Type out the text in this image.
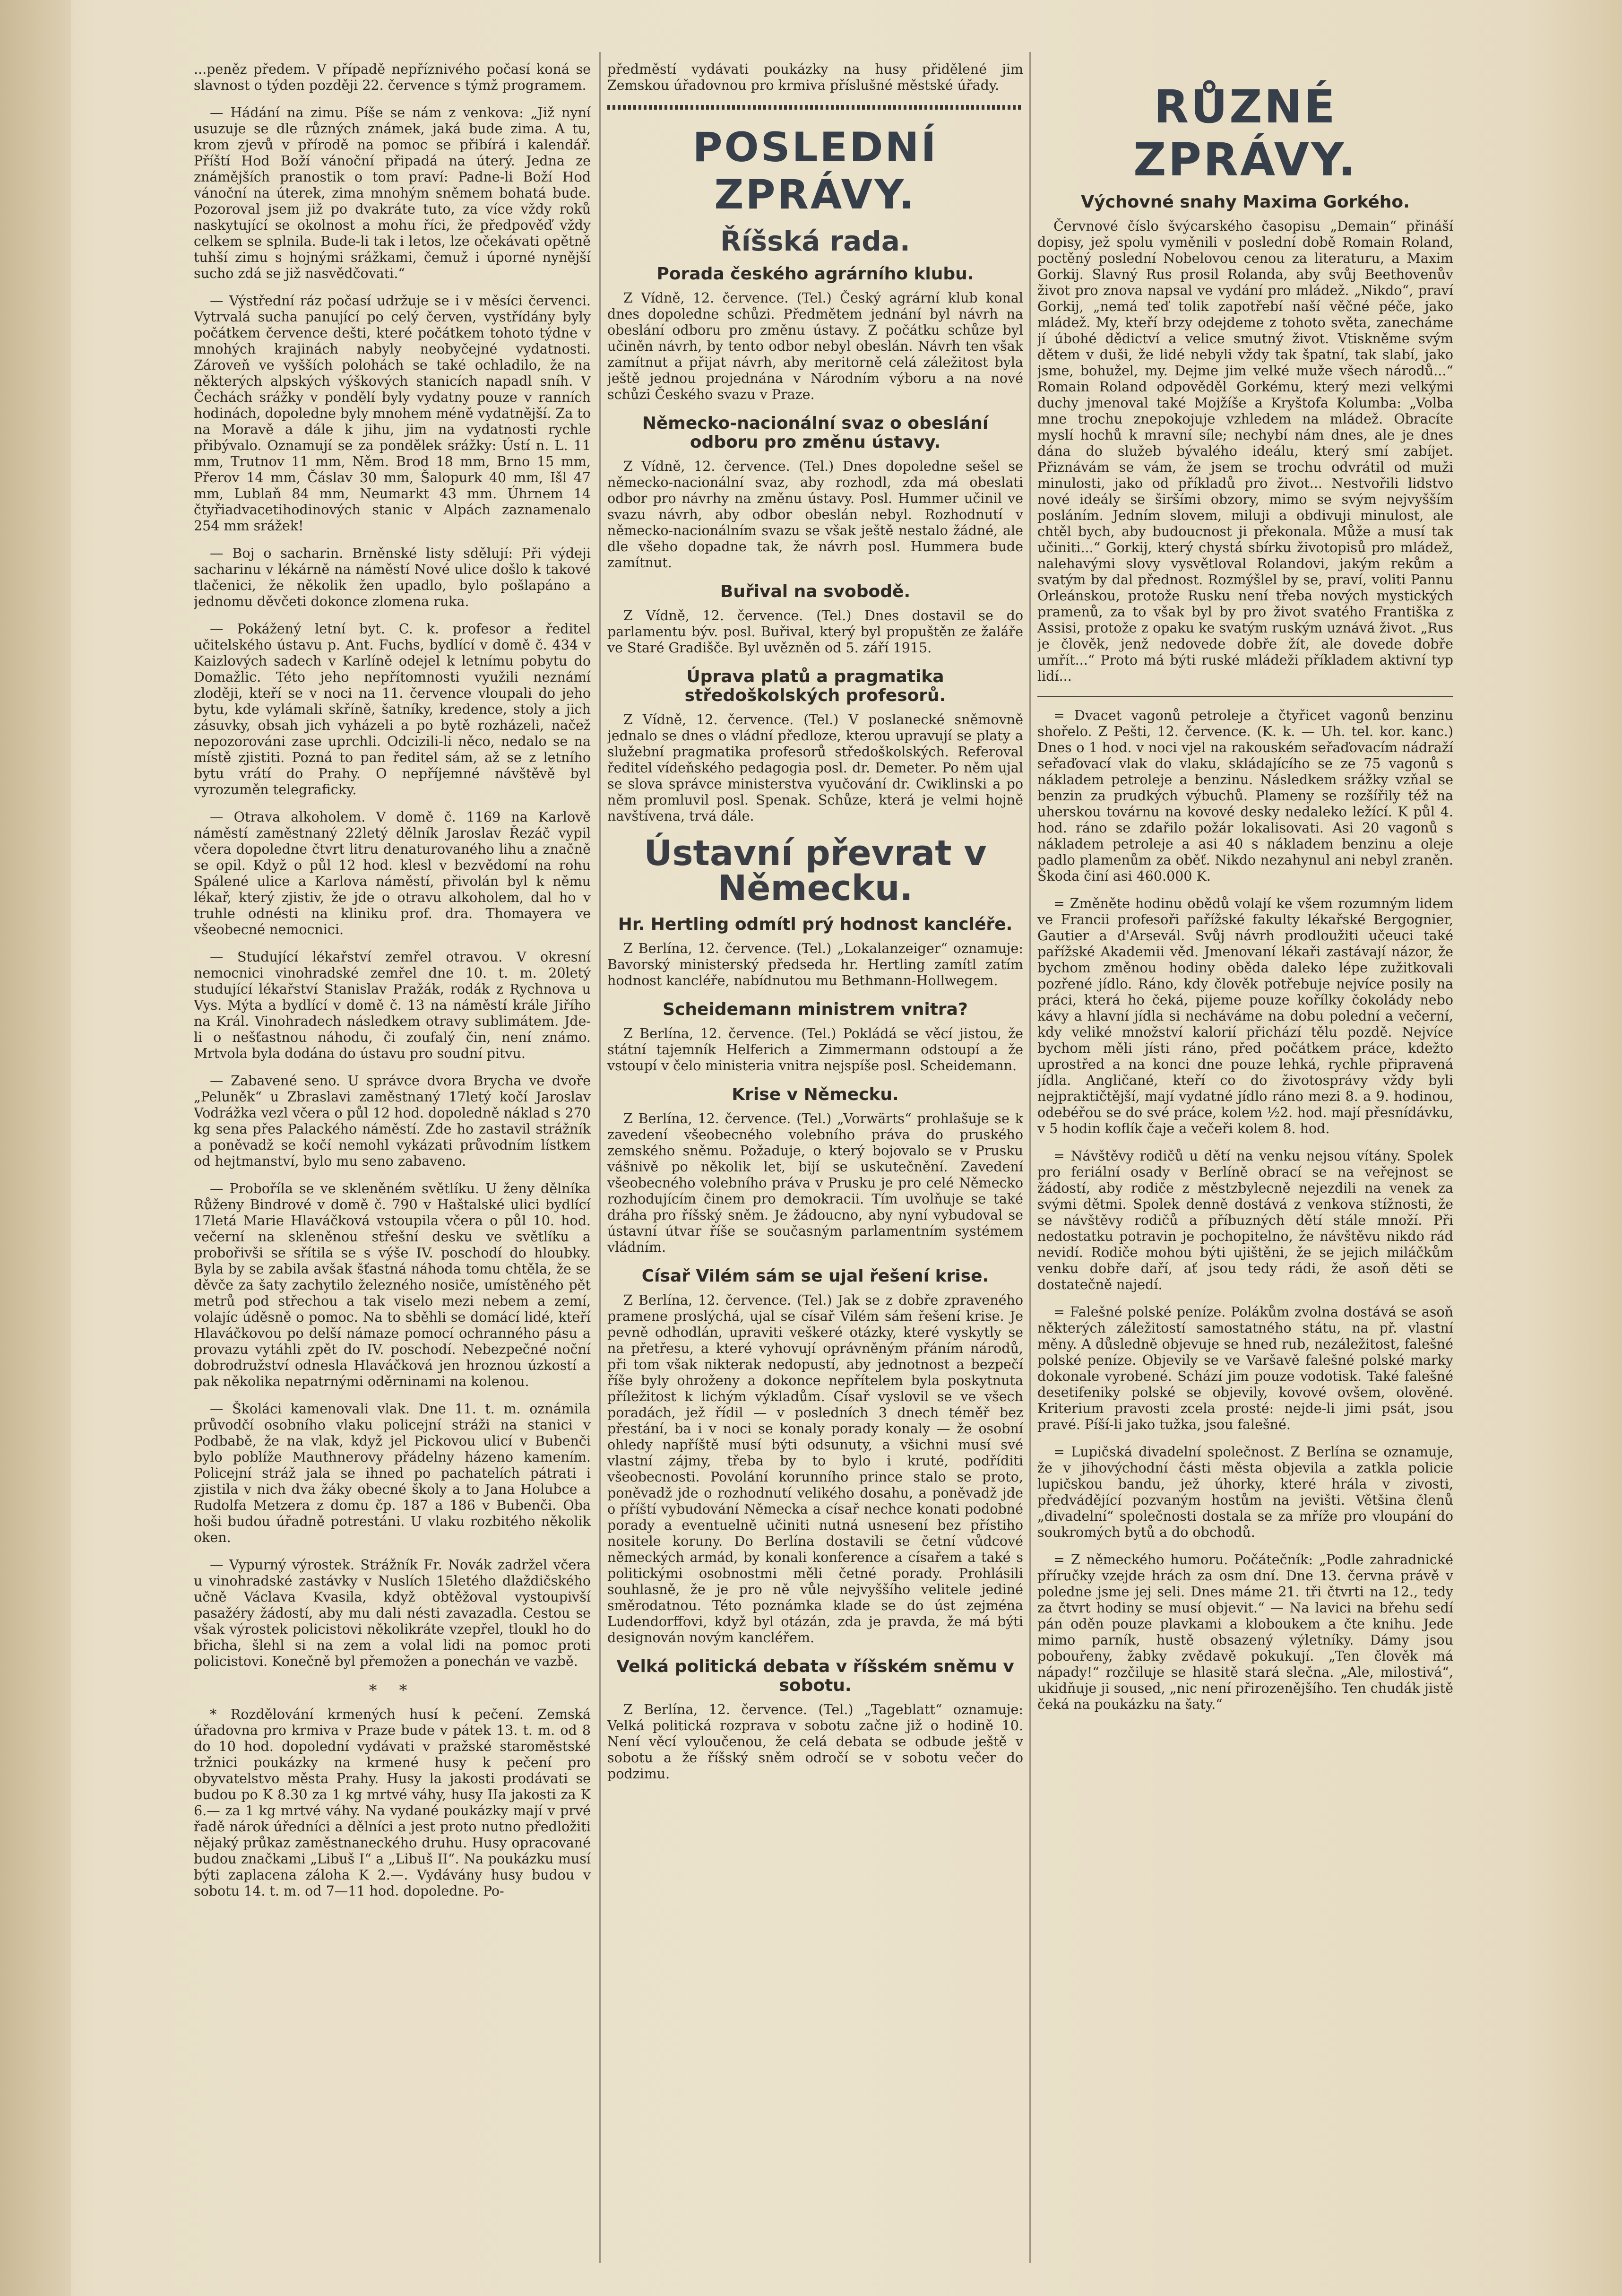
...peněz předem. V případě nepříznivého počasí koná se slavnost o týden později 22. července s týmž programem.

— Hádání na zimu. Píše se nám z venkova: „Již nyní usuzuje se dle různých známek, jaká bude zima. A tu, krom zjevů v přírodě na pomoc se přibírá i kalendář. Příští Hod Boží vánoční připadá na úterý. Jedna ze známějších pranostik o tom praví: Padne-li Boží Hod vánoční na úterek, zima mnohým sněmem bohatá bude. Pozoroval jsem již po dvakráte tuto, za více vždy roků naskytující se okolnost a mohu říci, že předpověď vždy celkem se splnila. Bude-li tak i letos, lze očekávati opětně tuhší zimu s hojnými srážkami, čemuž i úporné nynější sucho zdá se již nasvědčovati.“

— Výstřední ráz počasí udržuje se i v měsíci červenci. Vytrvalá sucha panující po celý červen, vystřídány byly počátkem července dešti, které počátkem tohoto týdne v mnohých krajinách nabyly neobyčejné vydatnosti. Zároveň ve vyšších polohách se také ochladilo, že na některých alpských výškových stanicích napadl sníh. V Čechách srážky v pondělí byly vydatny pouze v ranních hodinách, dopoledne byly mnohem méně vydatnější. Za to na Moravě a dále k jihu, jim na vydatnosti rychle přibývalo. Oznamují se za pondělek srážky: Ústí n. L. 11 mm, Trutnov 11 mm, Něm. Brod 18 mm, Brno 15 mm, Přerov 14 mm, Čáslav 30 mm, Šalopurk 40 mm, Išl 47 mm, Lublaň 84 mm, Neumarkt 43 mm. Úhrnem 14 čtyřiadvacetihodinových stanic v Alpách zaznamenalo 254 mm srážek!

— Boj o sacharin. Brněnské listy sdělují: Při výdeji sacharinu v lékárně na náměstí Nové ulice došlo k takové tlačenici, že několik žen upadlo, bylo pošlapáno a jednomu děvčeti dokonce zlomena ruka.

— Pokážený letní byt. C. k. profesor a ředitel učitelského ústavu p. Ant. Fuchs, bydlící v domě č. 434 v Kaizlových sadech v Karlíně odejel k letnímu pobytu do Domažlic. Této jeho nepřítomnosti využili neznámí zloději, kteří se v noci na 11. července vloupali do jeho bytu, kde vylámali skříně, šatníky, kredence, stoly a jich zásuvky, obsah jich vyházeli a po bytě rozházeli, načež nepozorováni zase uprchli. Odcizili-li něco, nedalo se na místě zjistiti. Pozná to pan ředitel sám, až se z letního bytu vrátí do Prahy. O nepříjemné návštěvě byl vyrozuměn telegraficky.

— Otrava alkoholem. V domě č. 1169 na Karlově náměstí zaměstnaný 22letý dělník Jaroslav Řezáč vypil včera dopoledne čtvrt litru denaturovaného lihu a značně se opil. Když o půl 12 hod. klesl v bezvědomí na rohu Spálené ulice a Karlova náměstí, přivolán byl k němu lékař, který zjistiv, že jde o otravu alkoholem, dal ho v truhle odnésti na kliniku prof. dra. Thomayera ve všeobecné nemocnici.

— Studující lékařství zemřel otravou. V okresní nemocnici vinohradské zemřel dne 10. t. m. 20letý studující lékařství Stanislav Pražák, rodák z Rychnova u Vys. Mýta a bydlící v domě č. 13 na náměstí krále Jiřího na Král. Vinohradech následkem otravy sublimátem. Jde-li o nešťastnou náhodu, či zoufalý čin, není známo. Mrtvola byla dodána do ústavu pro soudní pitvu.

— Zabavené seno. U správce dvora Brycha ve dvoře „Peluněk“ u Zbraslavi zaměstnaný 17letý kočí Jaroslav Vodrážka vezl včera o půl 12 hod. dopoledně náklad s 270 kg sena přes Palackého náměstí. Zde ho zastavil strážník a poněvadž se kočí nemohl vykázati průvodním lístkem od hejtmanství, bylo mu seno zabaveno.

— Proboříla se ve skleněném světlíku. U ženy dělníka Růženy Bindrové v domě č. 790 v Haštalské ulici bydlící 17letá Marie Hlaváčková vstoupila včera o půl 10. hod. večerní na skleněnou střešní desku ve světlíku a probořivši se sřítila se s výše IV. poschodí do hloubky. Byla by se zabila avšak šťastná náhoda tomu chtěla, že se děvče za šaty zachytilo železného nosiče, umístěného pět metrů pod střechou a tak viselo mezi nebem a zemí, volajíc úděsně o pomoc. Na to sběhli se domácí lidé, kteří Hlaváčkovou po delší námaze pomocí ochranného pásu a provazu vytáhli zpět do IV. poschodí. Nebezpečné noční dobrodružství odnesla Hlaváčková jen hroznou úzkostí a pak několika nepatrnými oděrninami na kolenou.

— Školáci kamenovali vlak. Dne 11. t. m. oznámila průvodčí osobního vlaku policejní stráži na stanici v Podbabě, že na vlak, když jel Pickovou ulicí v Bubenči bylo poblíže Mauthnerovy přádelny házeno kamením. Policejní stráž jala se ihned po pachatelích pátrati i zjistila v nich dva žáky obecné školy a to Jana Holubce a Rudolfa Metzera z domu čp. 187 a 186 v Bubenči. Oba hoši budou úřadně potrestáni. U vlaku rozbitého několik oken.

— Vypurný výrostek. Strážník Fr. Novák zadržel včera u vinohradské zastávky v Nuslích 15letého dlaždičského učně Václava Kvasila, když obtěžoval vystoupivší pasažéry žádostí, aby mu dali nésti zavazadla. Cestou se však výrostek policistovi několikráte vzepřel, tloukl ho do břicha, šlehl si na zem a volal lidi na pomoc proti policistovi. Konečně byl přemožen a ponechán ve vazbě.

* *

* Rozdělování krmených husí k pečení. Zemská úřadovna pro krmiva v Praze bude v pátek 13. t. m. od 8 do 10 hod. dopolední vydávati v pražské staroměstské tržnici poukázky na krmené husy k pečení pro obyvatelstvo města Prahy. Husy la jakosti prodávati se budou po K 8.30 za 1 kg mrtvé váhy, husy IIa jakosti za K 6.— za 1 kg mrtvé váhy. Na vydané poukázky mají v prvé řadě nárok úředníci a dělníci a jest proto nutno předložiti nějaký průkaz zaměstnaneckého druhu. Husy opracované budou značkami „Libuš I“ a „Libuš II“. Na poukázku musí býti zaplacena záloha K 2.—. Vydávány husy budou v sobotu 14. t. m. od 7—11 hod. dopoledne. Po-

předměstí vydávati poukázky na husy přidělené jim Zemskou úřadovnou pro krmiva příslušné městské úřady.

POSLEDNÍ ZPRÁVY.
Říšská rada.
Porada českého agrárního klubu.

Z Vídně, 12. července. (Tel.) Český agrární klub konal dnes dopoledne schůzi. Předmětem jednání byl návrh na obeslání odboru pro změnu ústavy. Z počátku schůze byl učiněn návrh, by tento odbor nebyl obeslán. Návrh ten však zamítnut a přijat návrh, aby meritorně celá záležitost byla ještě jednou projednána v Národním výboru a na nové schůzi Českého svazu v Praze.

Německo-nacionální svaz o obeslání odboru pro změnu ústavy.

Z Vídně, 12. července. (Tel.) Dnes dopoledne sešel se německo-nacionální svaz, aby rozhodl, zda má obeslati odbor pro návrhy na změnu ústavy. Posl. Hummer učinil ve svazu návrh, aby odbor obeslán nebyl. Rozhodnutí v německo-nacionálním svazu se však ještě nestalo žádné, ale dle všeho dopadne tak, že návrh posl. Hummera bude zamítnut.

Buřival na svobodě.

Z Vídně, 12. července. (Tel.) Dnes dostavil se do parlamentu býv. posl. Buřival, který byl propuštěn ze žaláře ve Staré Gradišče. Byl uvězněn od 5. září 1915.

Úprava platů a pragmatika středoškolských profesorů.

Z Vídně, 12. července. (Tel.) V poslanecké sněmovně jednalo se dnes o vládní předloze, kterou upravují se platy a služební pragmatika profesorů středoškolských. Referoval ředitel vídeňského pedagogia posl. dr. Demeter. Po něm ujal se slova správce ministerstva vyučování dr. Cwiklinski a po něm promluvil posl. Spenak. Schůze, která je velmi hojně navštívena, trvá dále.

Ústavní převrat v Německu.
Hr. Hertling odmítl prý hodnost kancléře.

Z Berlína, 12. července. (Tel.) „Lokalanzeiger“ oznamuje: Bavorský ministerský předseda hr. Hertling zamítl zatím hodnost kancléře, nabídnutou mu Bethmann-Hollwegem.

Scheidemann ministrem vnitra?

Z Berlína, 12. července. (Tel.) Pokládá se věcí jistou, že státní tajemník Helferich a Zimmermann odstoupí a že vstoupí v čelo ministeria vnitra nejspíše posl. Scheidemann.

Krise v Německu.

Z Berlína, 12. července. (Tel.) „Vorwärts“ prohlašuje se k zavedení všeobecného volebního práva do pruského zemského sněmu. Požaduje, o který bojovalo se v Prusku vášnivě po několik let, bijí se uskutečnění. Zavedení všeobecného volebního práva v Prusku je pro celé Německo rozhodujícím činem pro demokracii. Tím uvolňuje se také dráha pro říšský sněm. Je žádoucno, aby nyní vybudoval se ústavní útvar říše se současným parlamentním systémem vládním.

Císař Vilém sám se ujal řešení krise.

Z Berlína, 12. července. (Tel.) Jak se z dobře zpraveného pramene proslýchá, ujal se císař Vilém sám řešení krise. Je pevně odhodlán, upraviti veškeré otázky, které vyskytly se na přetřesu, a které vyhovují oprávněným přáním národů, při tom však nikterak nedopustí, aby jednotnost a bezpečí říše byly ohroženy a dokonce nepřítelem byla poskytnuta příležitost k lichým výkladům. Císař vyslovil se ve všech poradách, jež řídil — v posledních 3 dnech téměř bez přestání, ba i v noci se konaly porady konaly — že osobní ohledy napříště musí býti odsunuty, a všichni musí své vlastní zájmy, třeba by to bylo i kruté, podříditi všeobecnosti. Povolání korunního prince stalo se proto, poněvadž jde o rozhodnutí velikého dosahu, a poněvadž jde o příští vybudování Německa a císař nechce konati podobné porady a eventuelně učiniti nutná usnesení bez přístiho nositele koruny. Do Berlína dostavili se četní vůdcové německých armád, by konali konference a císařem a také s politickými osobnostmi měli četné porady. Prohlásili souhlasně, že je pro ně vůle nejvyššího velitele jediné směrodatnou. Této poznámka klade se do úst zejména Ludendorffovi, když byl otázán, zda je pravda, že má býti designován novým kancléřem.

Velká politická debata v říšském sněmu v sobotu.

Z Berlína, 12. července. (Tel.) „Tageblatt“ oznamuje: Velká politická rozprava v sobotu začne již o hodině 10. Není věcí vyloučenou, že celá debata se odbude ještě v sobotu a že říšský sněm odročí se v sobotu večer do podzimu.

RŮZNÉ ZPRÁVY.
Výchovné snahy Maxima Gorkého.

Červnové číslo švýcarského časopisu „Demain“ přináší dopisy, jež spolu vyměnili v poslední době Romain Roland, poctěný poslední Nobelovou cenou za literaturu, a Maxim Gorkij. Slavný Rus prosil Rolanda, aby svůj Beethovenův život pro znova napsal ve vydání pro mládež. „Nikdo“, praví Gorkij, „nemá teď tolik zapotřebí naší věčné péče, jako mládež. My, kteří brzy odejdeme z tohoto světa, zanecháme jí úbohé dědictví a velice smutný život. Vtiskněme svým dětem v duši, že lidé nebyli vždy tak špatní, tak slabí, jako jsme, bohužel, my. Dejme jim velké muže všech národů...“ Romain Roland odpověděl Gorkému, který mezi velkými duchy jmenoval také Mojžíše a Kryštofa Kolumba: „Volba mne trochu znepokojuje vzhledem na mládež. Obracíte myslí hochů k mravní síle; nechybí nám dnes, ale je dnes dána do služeb bývalého ideálu, který smí zabíjet. Přiznávám se vám, že jsem se trochu odvrátil od muži minulosti, jako od příkladů pro život... Nestvořili lidstvo nové ideály se širšími obzory, mimo se svým nejvyšším posláním. Jedním slovem, miluji a obdivuji minulost, ale chtěl bych, aby budoucnost ji překonala. Může a musí tak učiniti...“ Gorkij, který chystá sbírku životopisů pro mládež, nalehavými slovy vysvětloval Rolandovi, jakým rekům a svatým by dal přednost. Rozmýšlel by se, praví, voliti Pannu Orleánskou, protože Rusku není třeba nových mystických pramenů, za to však byl by pro život svatého Františka z Assisi, protože z opaku ke svatým ruským uznává život. „Rus je člověk, jenž nedovede dobře žít, ale dovede dobře umřít...“ Proto má býti ruské mládeži příkladem aktivní typ lidí...

= Dvacet vagonů petroleje a čtyřicet vagonů benzinu shořelo. Z Pešti, 12. července. (K. k. — Uh. tel. kor. kanc.) Dnes o 1 hod. v noci vjel na rakouském seřaďovacím nádraží seřaďovací vlak do vlaku, skládajícího se ze 75 vagonů s nákladem petroleje a benzinu. Následkem srážky vzňal se benzin za prudkých výbuchů. Plameny se rozšířily též na uherskou továrnu na kovové desky nedaleko ležící. K půl 4. hod. ráno se zdařilo požár lokalisovati. Asi 20 vagonů s nákladem petroleje a asi 40 s nákladem benzinu a oleje padlo plamenům za oběť. Nikdo nezahynul ani nebyl zraněn. Škoda činí asi 460.000 K.

= Změněte hodinu obědů volají ke všem rozumným lidem ve Francii profesoři pařížské fakulty lékařské Bergognier, Gautier a d'Arsevál. Svůj návrh prodloužiti učeuci také pařížské Akademii věd. Jmenovaní lékaři zastávají názor, že bychom změnou hodiny oběda daleko lépe zužitkovali pozřené jídlo. Ráno, kdy člověk potřebuje nejvíce posily na práci, která ho čeká, pijeme pouze kořílky čokolády nebo kávy a hlavní jídla si necháváme na dobu polední a večerní, kdy veliké množství kalorií přichází tělu pozdě. Nejvíce bychom měli jísti ráno, před počátkem práce, kdežto uprostřed a na konci dne pouze lehká, rychle připravená jídla. Angličané, kteří co do životosprávy vždy byli nejpraktičtější, mají vydatné jídlo ráno mezi 8. a 9. hodinou, odebéřou se do své práce, kolem ½2. hod. mají přesnídávku, v 5 hodin koflík čaje a večeři kolem 8. hod.

= Návštěvy rodičů u dětí na venku nejsou vítány. Spolek pro feriální osady v Berlíně obrací se na veřejnost se žádostí, aby rodiče z městzbylecně nejezdili na venek za svými dětmi. Spolek denně dostává z venkova stížnosti, že se návštěvy rodičů a příbuzných dětí stále množí. Při nedostatku potravin je pochopitelno, že návštěvu nikdo rád nevidí. Rodiče mohou býti ujištěni, že se jejich miláčkům venku dobře daří, ať jsou tedy rádi, že asoň děti se dostatečně najedí.

= Falešné polské peníze. Polákům zvolna dostává se asoň některých záležitostí samostatného státu, na př. vlastní měny. A důsledně objevuje se hned rub, nezáležitost, falešné polské peníze. Objevily se ve Varšavě falešné polské marky dokonale vyrobené. Schází jim pouze vodotisk. Také falešné desetifeniky polské se objevily, kovové ovšem, olověné. Kriterium pravosti zcela prosté: nejde-li jimi psát, jsou pravé. Píší-li jako tužka, jsou falešné.

= Lupičská divadelní společnost. Z Berlína se oznamuje, že v jihovýchodní části města objevila a zatkla policie lupičskou bandu, jež úhorky, které hrála v zivosti, předvádějící pozvaným hostům na jevišti. Většina členů „divadelní“ společnosti dostala se za mříže pro vloupání do soukromých bytů a do obchodů.

= Z německého humoru. Počátečník: „Podle zahradnické příručky vzejde hrách za osm dní. Dne 13. června právě v poledne jsme jej seli. Dnes máme 21. tři čtvrti na 12., tedy za čtvrt hodiny se musí objevit.“ — Na lavici na břehu sedí pán oděn pouze plavkami a kloboukem a čte knihu. Jede mimo parník, hustě obsazený výletníky. Dámy jsou pobouřeny, žabky zvědavě pokukují. „Ten člověk má nápady!“ rozčiluje se hlasitě stará slečna. „Ale, milostivá“, ukidňuje ji soused, „nic není přirozenějšího. Ten chudák jistě čeká na poukázku na šaty.“
